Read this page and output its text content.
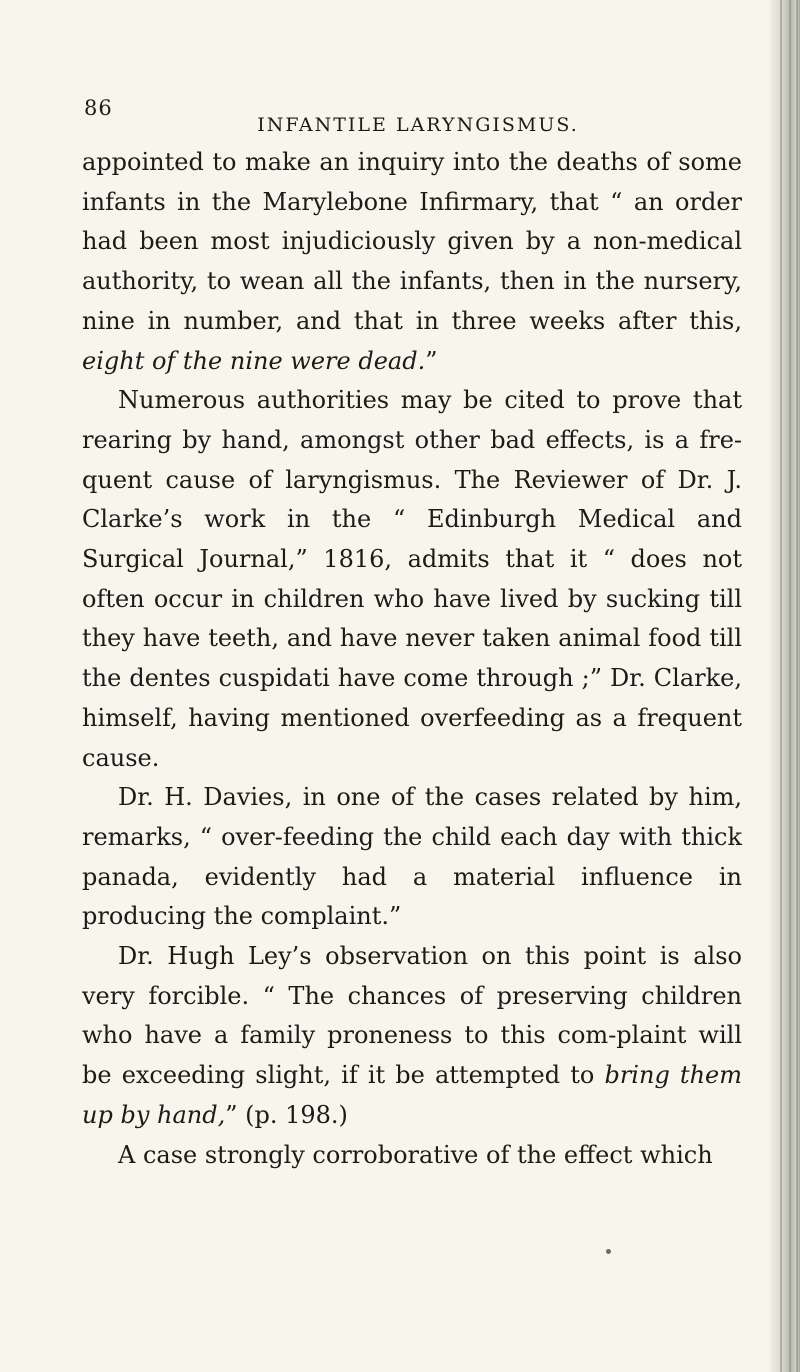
86
INFANTILE LARYNGISMUS.

appointed to make an inquiry into the deaths of some infants in the Marylebone Infirmary, that “ an order had been most injudiciously given by a non-medical authority, to wean all the infants, then in the nursery, nine in number, and that in three weeks after this, eight of the nine were dead.”

Numerous authorities may be cited to prove that rearing by hand, amongst other bad effects, is a fre-quent cause of laryngismus. The Reviewer of Dr. J. Clarke’s work in the “ Edinburgh Medical and Surgical Journal,” 1816, admits that it “ does not often occur in children who have lived by sucking till they have teeth, and have never taken animal food till the dentes cuspidati have come through ;” Dr. Clarke, himself, having mentioned overfeeding as a frequent cause.

Dr. H. Davies, in one of the cases related by him, remarks, “ over-feeding the child each day with thick panada, evidently had a material influence in producing the complaint.”

Dr. Hugh Ley’s observation on this point is also very forcible. “ The chances of preserving children who have a family proneness to this com-plaint will be exceeding slight, if it be attempted to bring them up by hand,” (p. 198.)

A case strongly corroborative of the effect which
